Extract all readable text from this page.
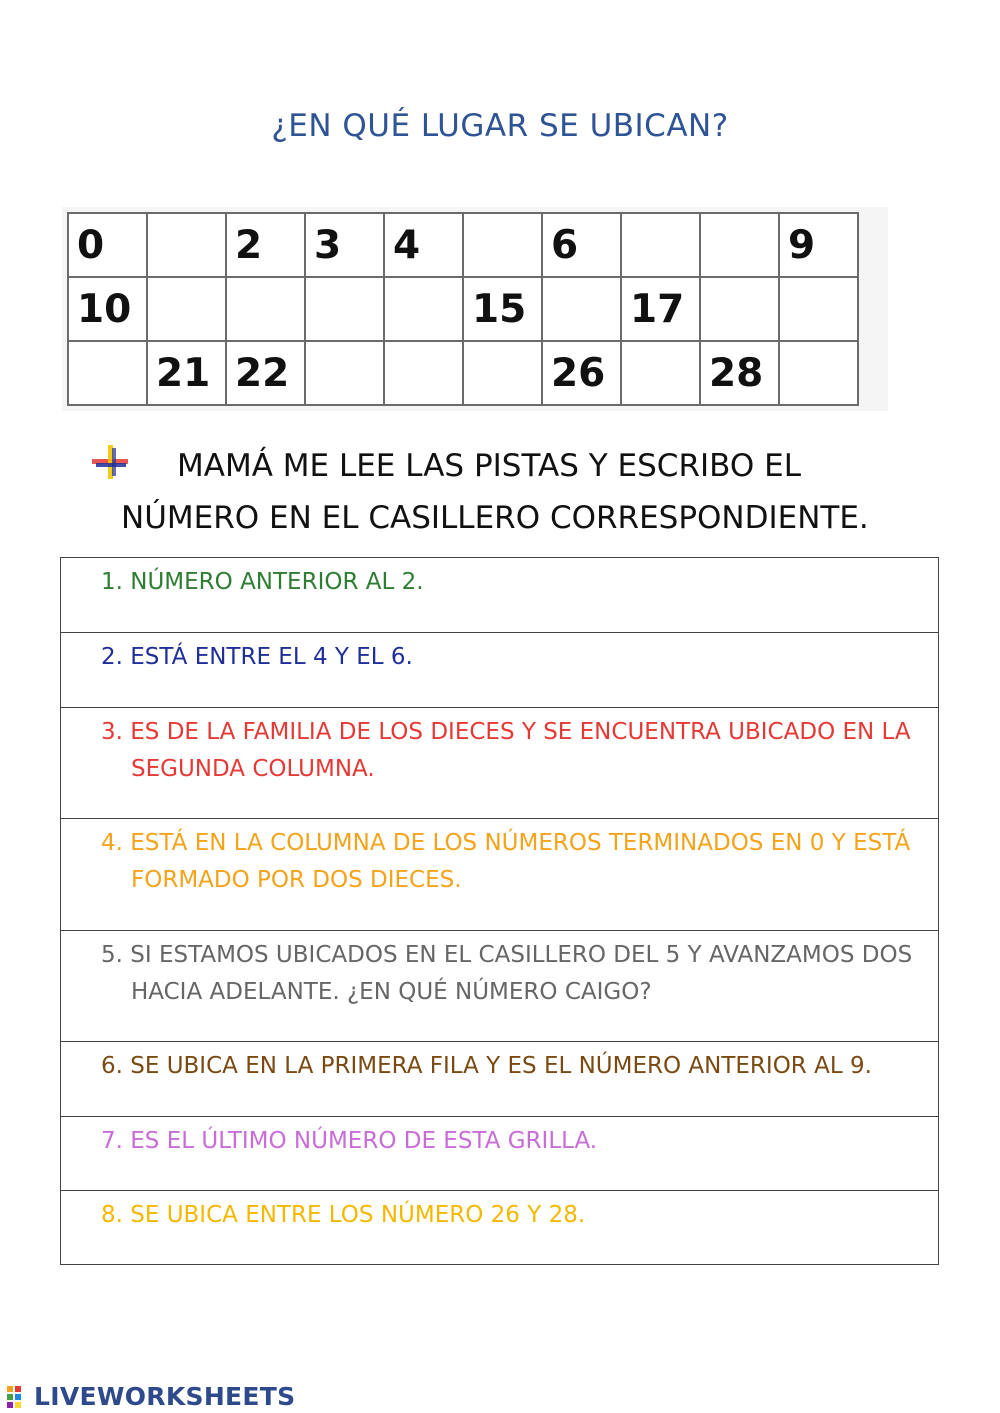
¿EN QUÉ LUGAR SE UBICAN?
0		2	3	4		6			9
10					15		17		
	21	22				26		28	
MAMÁ ME LEE LAS PISTAS Y ESCRIBO EL
NÚMERO EN EL CASILLERO CORRESPONDIENTE.
1. NÚMERO ANTERIOR AL 2.

2. ESTÁ ENTRE EL 4 Y EL 6.

3. ES DE LA FAMILIA DE LOS DIECES Y SE ENCUENTRA UBICADO EN LA SEGUNDA COLUMNA.

4. ESTÁ EN LA COLUMNA DE LOS NÚMEROS TERMINADOS EN 0 Y ESTÁ FORMADO POR DOS DIECES.

5. SI ESTAMOS UBICADOS EN EL CASILLERO DEL 5 Y AVANZAMOS DOS HACIA ADELANTE. ¿EN QUÉ NÚMERO CAIGO?

6. SE UBICA EN LA PRIMERA FILA Y ES EL NÚMERO ANTERIOR AL 9.

7. ES EL ÚLTIMO NÚMERO DE ESTA GRILLA.

8. SE UBICA ENTRE LOS NÚMERO 26 Y 28.
LIVEWORKSHEETS
